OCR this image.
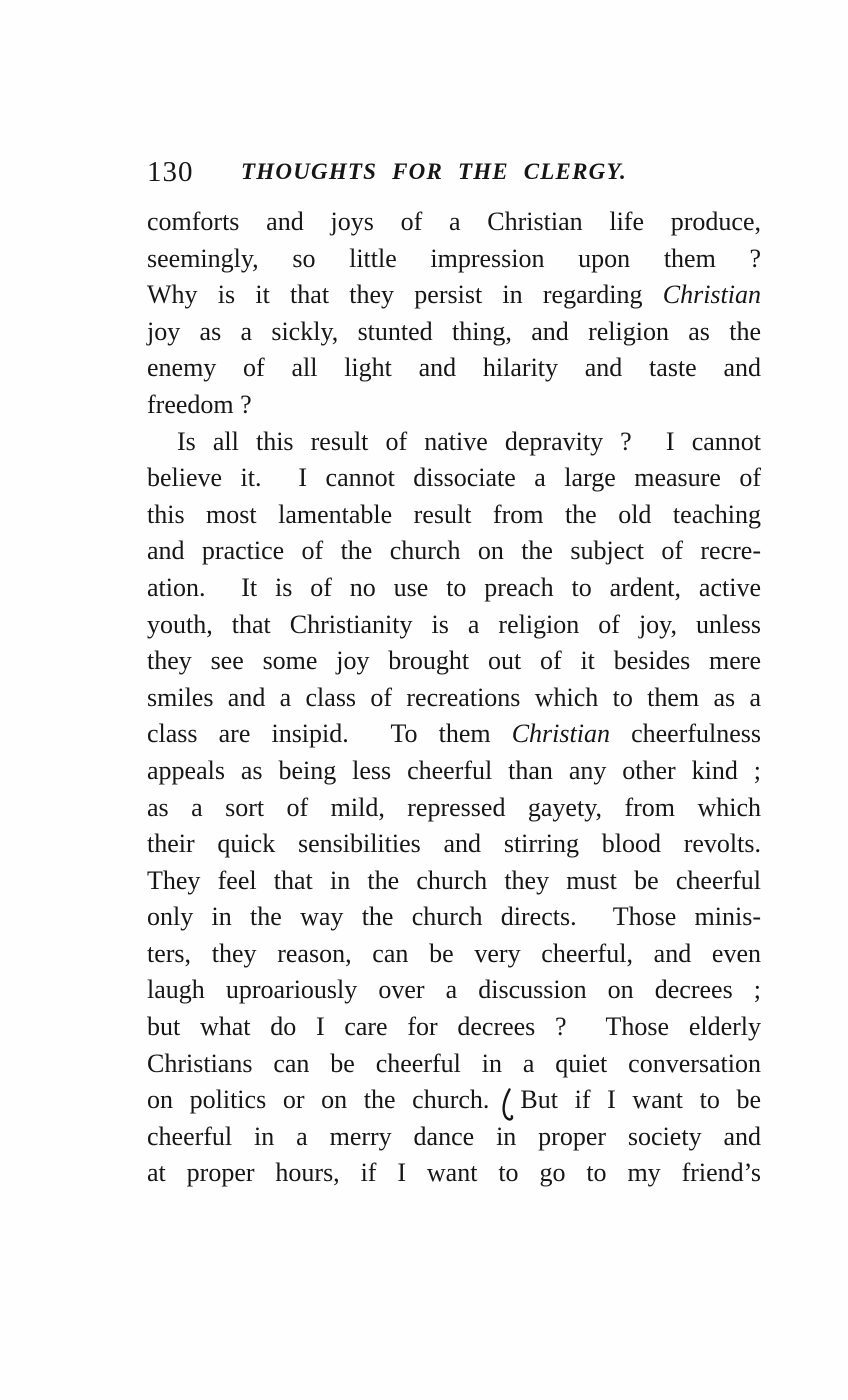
130	THOUGHTS FOR THE CLERGY.
comforts and joys of a Christian life produce,
seemingly, so little impression upon them ?
Why is it that they persist in regarding Christian
joy as a sickly, stunted thing, and religion as the
enemy of all light and hilarity and taste and
freedom ?
Is all this result of native depravity ?  I cannot
believe it.  I cannot dissociate a large measure of
this most lamentable result from the old teaching
and practice of the church on the subject of recre-
ation.  It is of no use to preach to ardent, active
youth, that Christianity is a religion of joy, unless
they see some joy brought out of it besides mere
smiles and a class of recreations which to them as a
class are insipid.  To them Christian cheerfulness
appeals as being less cheerful than any other kind ;
as a sort of mild, repressed gayety, from which
their quick sensibilities and stirring blood revolts.
They feel that in the church they must be cheerful
only in the way the church directs.  Those minis-
ters, they reason, can be very cheerful, and even
laugh uproariously over a discussion on decrees ;
but what do I care for decrees ?  Those elderly
Christians can be cheerful in a quiet conversation
on politics or on the church. But if I want to be
cheerful in a merry dance in proper society and
at proper hours, if I want to go to my friend’s
